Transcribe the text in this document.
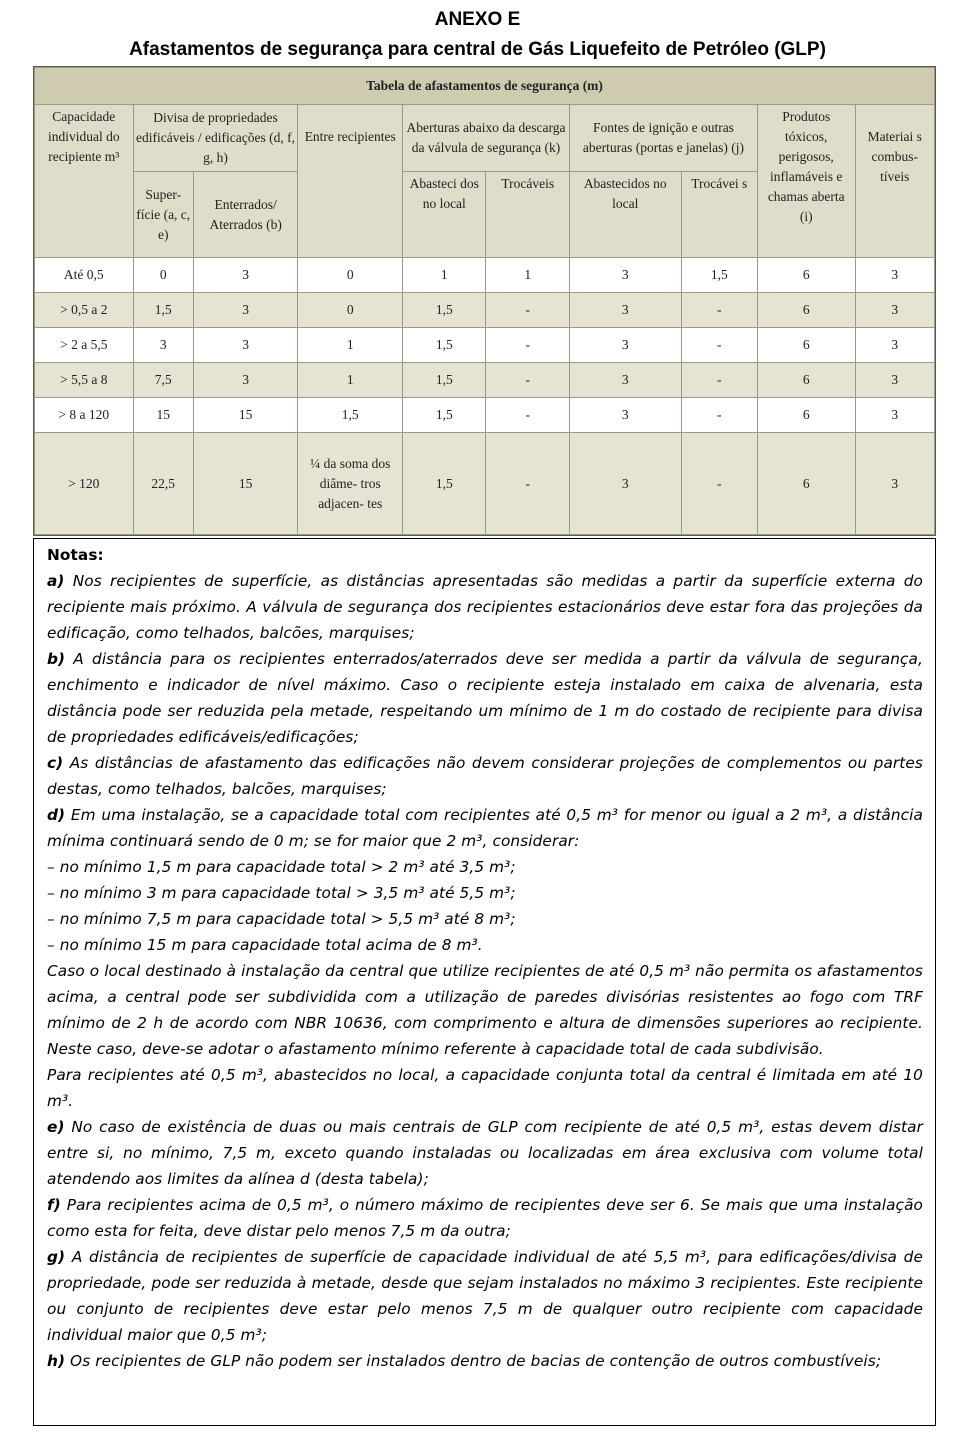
ANEXO E
Afastamentos de segurança para central de Gás Liquefeito de Petróleo (GLP)
Tabela de afastamentos de segurança (m)									
Capacidade individual do recipiente m³	Divisa de propriedades edificáveis / edificações (d, f, g, h)		Entre recipientes	Aberturas abaixo da descarga da válvula de segurança (k)		Fontes de ignição e outras aberturas (portas e janelas) (j)		Produtos tóxicos, perigosos, inflamáveis e chamas aberta (i)	Materiai s combus- tíveis
	Super- fície (a, c, e)	Enterrados/ Aterrados (b)		Abasteci dos no local	Trocáveis	Abastecidos no local	Trocávei s		
Até 0,5	0	3	0	1	1	3	1,5	6	3
> 0,5 a 2	1,5	3	0	1,5	-	3	-	6	3
> 2 a 5,5	3	3	1	1,5	-	3	-	6	3
> 5,5 a 8	7,5	3	1	1,5	-	3	-	6	3
> 8 a 120	15	15	1,5	1,5	-	3	-	6	3
> 120	22,5	15	¼ da soma dos diâme- tros adjacen- tes	1,5	-	3	-	6	3

Notas:

a) Nos recipientes de superfície, as distâncias apresentadas são medidas a partir da superfície externa do recipiente mais próximo. A válvula de segurança dos recipientes estacionários deve estar fora das projeções da edificação, como telhados, balcões, marquises;

b) A distância para os recipientes enterrados/aterrados deve ser medida a partir da válvula de segurança, enchimento e indicador de nível máximo. Caso o recipiente esteja instalado em caixa de alvenaria, esta distância pode ser reduzida pela metade, respeitando um mínimo de 1 m do costado de recipiente para divisa de propriedades edificáveis/edificações;

c) As distâncias de afastamento das edificações não devem considerar projeções de complementos ou partes destas, como telhados, balcões, marquises;

d) Em uma instalação, se a capacidade total com recipientes até 0,5 m³ for menor ou igual a 2 m³, a distância mínima continuará sendo de 0 m; se for maior que 2 m³, considerar:

– no mínimo 1,5 m para capacidade total > 2 m³ até 3,5 m³;

– no mínimo 3 m para capacidade total > 3,5 m³ até 5,5 m³;

– no mínimo 7,5 m para capacidade total > 5,5 m³ até 8 m³;

– no mínimo 15 m para capacidade total acima de 8 m³.

Caso o local destinado à instalação da central que utilize recipientes de até 0,5 m³ não permita os afastamentos acima, a central pode ser subdividida com a utilização de paredes divisórias resistentes ao fogo com TRF mínimo de 2 h de acordo com NBR 10636, com comprimento e altura de dimensões superiores ao recipiente. Neste caso, deve-se adotar o afastamento mínimo referente à capacidade total de cada subdivisão.

Para recipientes até 0,5 m³, abastecidos no local, a capacidade conjunta total da central é limitada em até 10 m³.

e) No caso de existência de duas ou mais centrais de GLP com recipiente de até 0,5 m³, estas devem distar entre si, no mínimo, 7,5 m, exceto quando instaladas ou localizadas em área exclusiva com volume total atendendo aos limites da alínea d (desta tabela);

f) Para recipientes acima de 0,5 m³, o número máximo de recipientes deve ser 6. Se mais que uma instalação como esta for feita, deve distar pelo menos 7,5 m da outra;

g) A distância de recipientes de superfície de capacidade individual de até 5,5 m³, para edificações/divisa de propriedade, pode ser reduzida à metade, desde que sejam instalados no máximo 3 recipientes. Este recipiente ou conjunto de recipientes deve estar pelo menos 7,5 m de qualquer outro recipiente com capacidade individual maior que 0,5 m³;

h) Os recipientes de GLP não podem ser instalados dentro de bacias de contenção de outros combustíveis;
